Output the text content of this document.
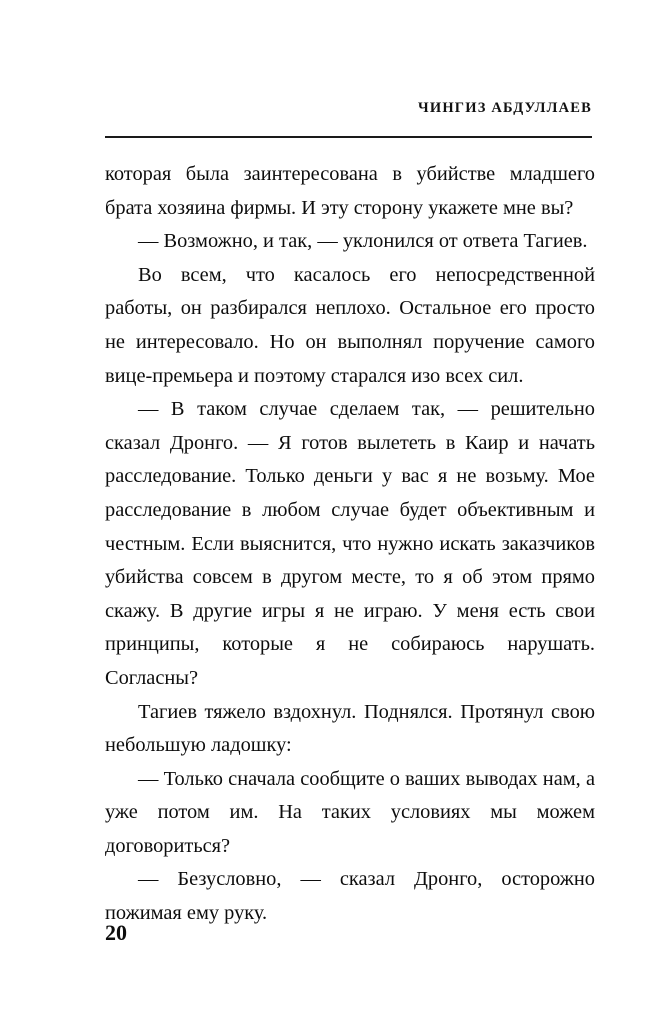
ЧИНГИЗ АБДУЛЛАЕВ

которая была заинтересована в убийстве младшего брата хозяина фирмы. И эту сторону укажете мне вы?

— Возможно, и так, — уклонился от ответа Тагиев.

Во всем, что касалось его непосредственной работы, он разбирался неплохо. Остальное его просто не интересовало. Но он выполнял поручение самого вице-премьера и поэтому старался изо всех сил.

— В таком случае сделаем так, — решительно сказал Дронго. — Я готов вылететь в Каир и начать расследование. Только деньги у вас я не возьму. Мое расследование в любом случае будет объективным и честным. Если выяснится, что нужно искать заказчиков убийства совсем в другом месте, то я об этом прямо скажу. В другие игры я не играю. У меня есть свои принципы, которые я не собираюсь нарушать. Согласны?

Тагиев тяжело вздохнул. Поднялся. Протянул свою небольшую ладошку:

— Только сначала сообщите о ваших выводах нам, а уже потом им. На таких условиях мы можем договориться?

— Безусловно, — сказал Дронго, осторожно пожимая ему руку.

20
